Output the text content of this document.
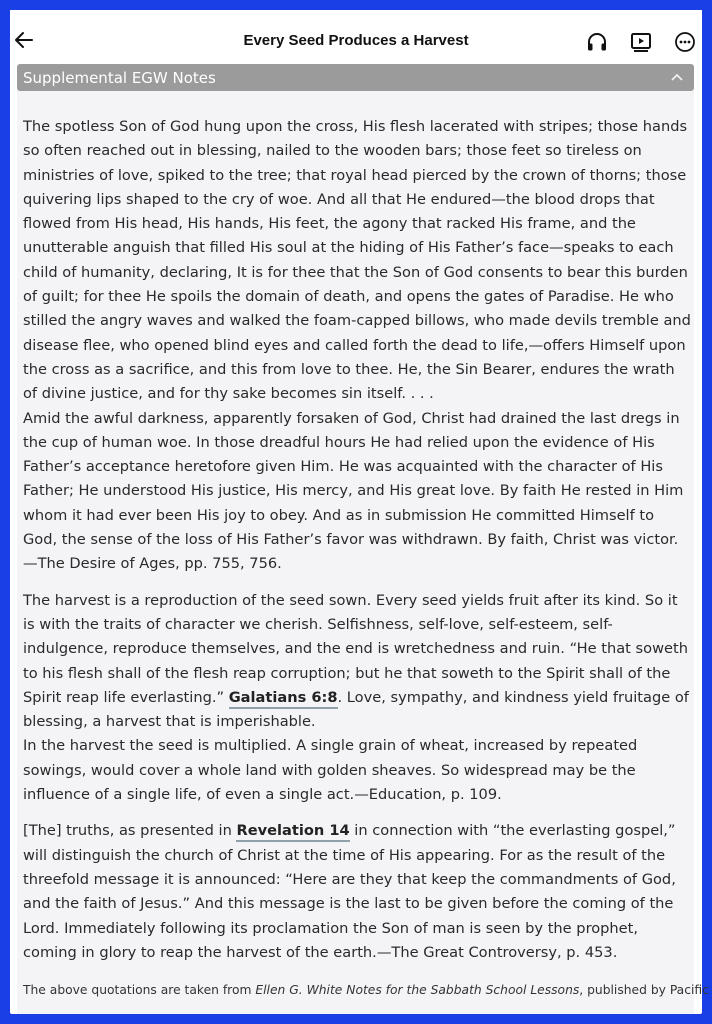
Every Seed Produces a Harvest
Supplemental EGW Notes

The spotless Son of God hung upon the cross, His flesh lacerated with stripes; those hands so often reached out in blessing, nailed to the wooden bars; those feet so tireless on ministries of love, spiked to the tree; that royal head pierced by the crown of thorns; those quivering lips shaped to the cry of woe. And all that He endured—the blood drops that flowed from His head, His hands, His feet, the agony that racked His frame, and the unutterable anguish that filled His soul at the hiding of His Father’s face—speaks to each child of humanity, declaring, It is for thee that the Son of God consents to bear this burden of guilt; for thee He spoils the domain of death, and opens the gates of Paradise. He who stilled the angry waves and walked the foam-capped billows, who made devils tremble and disease flee, who opened blind eyes and called forth the dead to life,—offers Himself upon the cross as a sacrifice, and this from love to thee. He, the Sin Bearer, endures the wrath of divine justice, and for thy sake becomes sin itself. . . .

Amid the awful darkness, apparently forsaken of God, Christ had drained the last dregs in the cup of human woe. In those dreadful hours He had relied upon the evidence of His Father’s acceptance heretofore given Him. He was acquainted with the character of His Father; He understood His justice, His mercy, and His great love. By faith He rested in Him whom it had ever been His joy to obey. And as in submission He committed Himself to God, the sense of the loss of His Father’s favor was withdrawn. By faith, Christ was victor.—The Desire of Ages, pp. 755, 756.

The harvest is a reproduction of the seed sown. Every seed yields fruit after its kind. So it is with the traits of character we cherish. Selfishness, self-love, self-esteem, self-indulgence, reproduce themselves, and the end is wretchedness and ruin. “He that soweth to his flesh shall of the flesh reap corruption; but he that soweth to the Spirit shall of the Spirit reap life everlasting.” Galatians 6:8. Love, sympathy, and kindness yield fruitage of blessing, a harvest that is imperishable.

In the harvest the seed is multiplied. A single grain of wheat, increased by repeated sowings, would cover a whole land with golden sheaves. So widespread may be the influence of a single life, of even a single act.—Education, p. 109.

[The] truths, as presented in Revelation 14 in connection with “the everlasting gospel,” will distinguish the church of Christ at the time of His appearing. For as the result of the threefold message it is announced: “Here are they that keep the commandments of God, and the faith of Jesus.” And this message is the last to be given before the coming of the Lord. Immediately following its proclamation the Son of man is seen by the prophet, coming in glory to reap the harvest of the earth.—The Great Controversy, p. 453.

The above quotations are taken from Ellen G. White Notes for the Sabbath School Lessons, published by Pacific
